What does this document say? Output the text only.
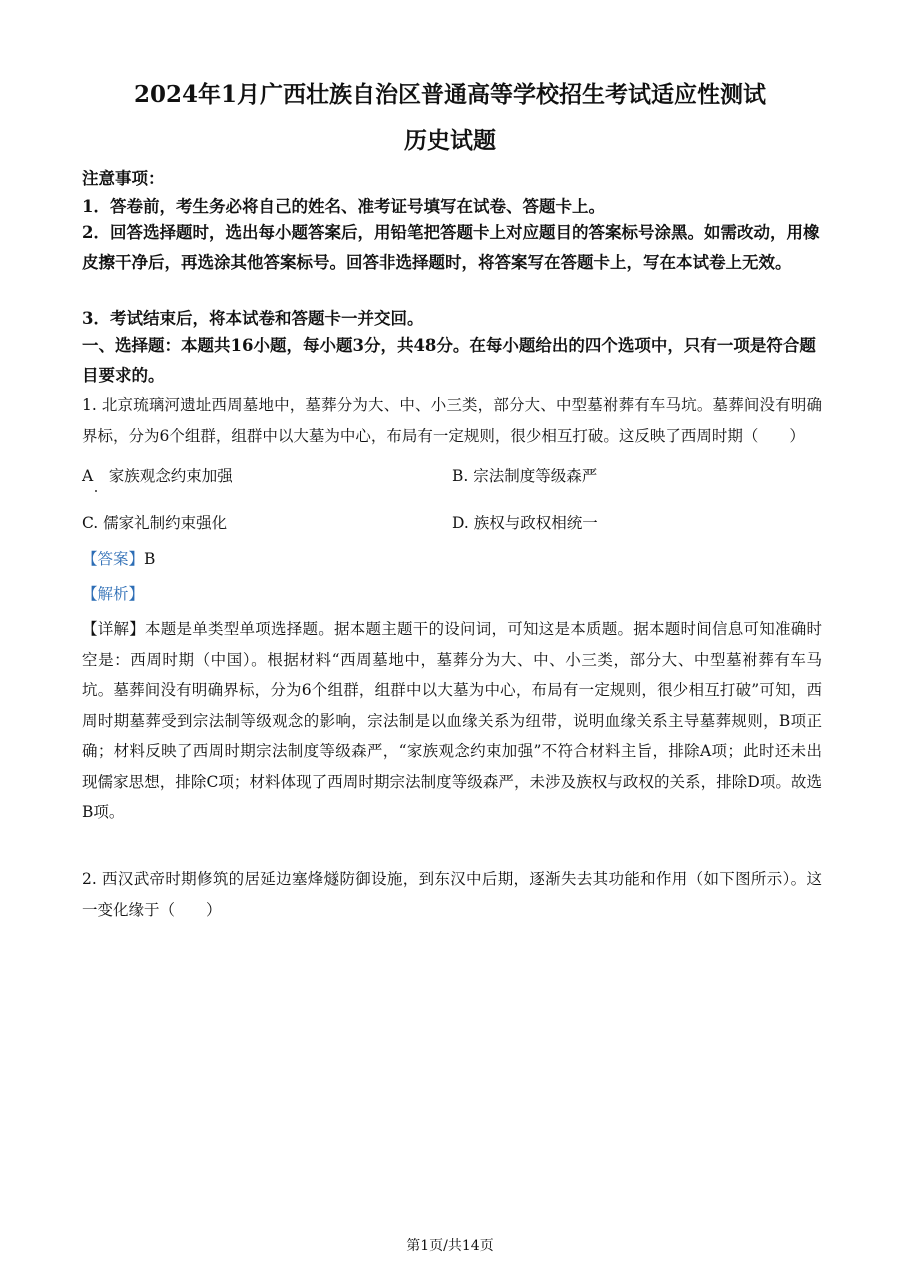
2024年1月广西壮族自治区普通高等学校招生考试适应性测试
历史试题

注意事项：

1．答卷前，考生务必将自己的姓名、准考证号填写在试卷、答题卡上。

2．回答选择题时，选出每小题答案后，用铅笔把答题卡上对应题目的答案标号涂黑。如需改动，用橡皮擦干净后，再选涂其他答案标号。回答非选择题时，将答案写在答题卡上，写在本试卷上无效。

3．考试结束后，将本试卷和答题卡一并交回。

一、选择题：本题共16小题，每小题3分，共48分。在每小题给出的四个选项中，只有一项是符合题目要求的。

1. 北京琉璃河遗址西周墓地中，墓葬分为大、中、小三类，部分大、中型墓祔葬有车马坑。墓葬间没有明确界标，分为6个组群，组群中以大墓为中心，布局有一定规则，很少相互打破。这反映了西周时期（　　）

A　家族观念约束加强	B. 宗法制度等级森严

C. 儒家礼制约束强化	D. 族权与政权相统一

【答案】B

【解析】

【详解】本题是单类型单项选择题。据本题主题干的设问词，可知这是本质题。据本题时间信息可知准确时空是：西周时期（中国）。根据材料“西周墓地中，墓葬分为大、中、小三类，部分大、中型墓祔葬有车马坑。墓葬间没有明确界标，分为6个组群，组群中以大墓为中心，布局有一定规则，很少相互打破”可知，西周时期墓葬受到宗法制等级观念的影响，宗法制是以血缘关系为纽带，说明血缘关系主导墓葬规则，B项正确；材料反映了西周时期宗法制度等级森严，“家族观念约束加强”不符合材料主旨，排除A项；此时还未出现儒家思想，排除C项；材料体现了西周时期宗法制度等级森严，未涉及族权与政权的关系，排除D项。故选B项。

2. 西汉武帝时期修筑的居延边塞烽燧防御设施，到东汉中后期，逐渐失去其功能和作用（如下图所示）。这一变化缘于（　　）

第1页/共14页
